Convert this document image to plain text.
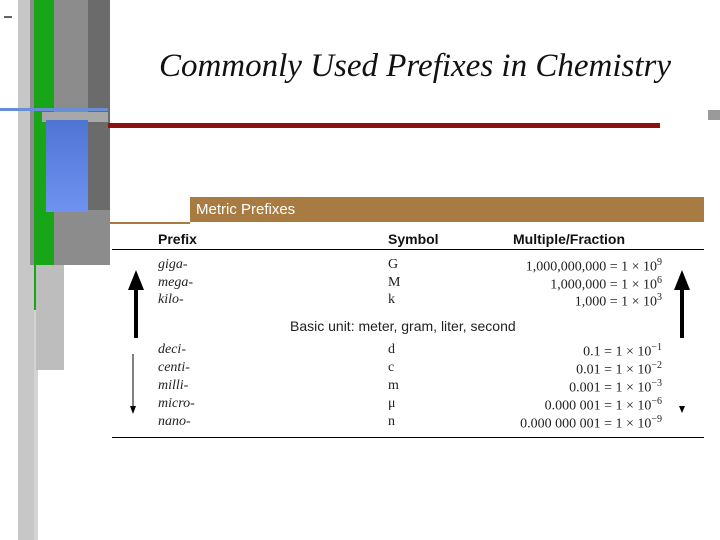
Commonly Used Prefixes in Chemistry
Metric Prefixes
Prefix	Symbol	Multiple/Fraction
giga-	G	$1,000,000,000 = 1 \times 10^9$
mega-	M	$1,000,000 = 1 \times 10^6$
kilo-	k	$1,000 = 1 \times 10^3$
Basic unit: meter, gram, liter, second
deci-	d	$0.1 = 1 \times 10^{-1}$
centi-	c	$0.01 = 1 \times 10^{-2}$
milli-	m	$0.001 = 1 \times 10^{-3}$
micro-	μ	0.000 $001 = 1 \times 10^{-6}$
nano-	n	0.000 000 $001 = 1 \times 10^{-9}$
